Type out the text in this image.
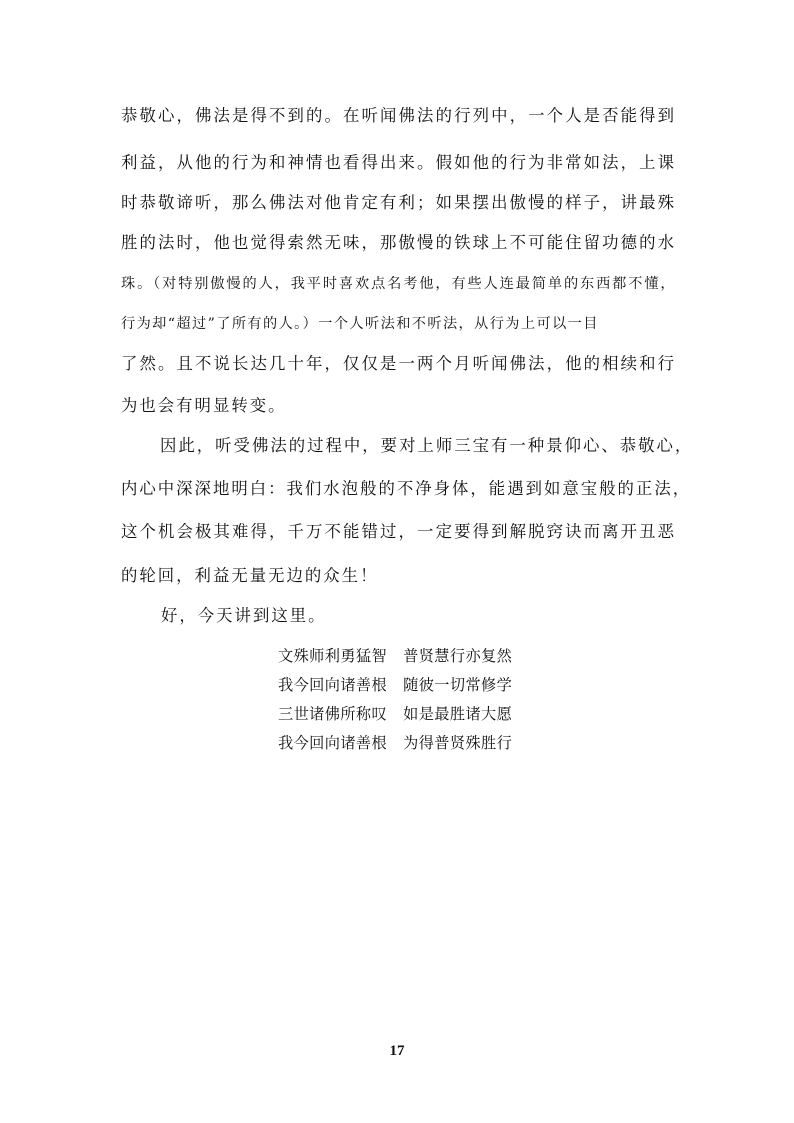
恭敬心，佛法是得不到的。在听闻佛法的行列中，一个人是否能得到
利益，从他的行为和神情也看得出来。假如他的行为非常如法，上课
时恭敬谛听，那么佛法对他肯定有利；如果摆出傲慢的样子，讲最殊
胜的法时，他也觉得索然无味，那傲慢的铁球上不可能住留功德的水
珠。（对特别傲慢的人，我平时喜欢点名考他，有些人连最简单的东西都不懂，
行为却“超过”了所有的人。）一个人听法和不听法，从行为上可以一目
了然。且不说长达几十年，仅仅是一两个月听闻佛法，他的相续和行
为也会有明显转变。
因此，听受佛法的过程中，要对上师三宝有一种景仰心、恭敬心，
内心中深深地明白：我们水泡般的不净身体，能遇到如意宝般的正法，
这个机会极其难得，千万不能错过，一定要得到解脱窍诀而离开丑恶
的轮回，利益无量无边的众生！
好，今天讲到这里。
文殊师利勇猛智 普贤慧行亦复然
我今回向诸善根 随彼一切常修学
三世诸佛所称叹 如是最胜诸大愿
我今回向诸善根 为得普贤殊胜行
17
